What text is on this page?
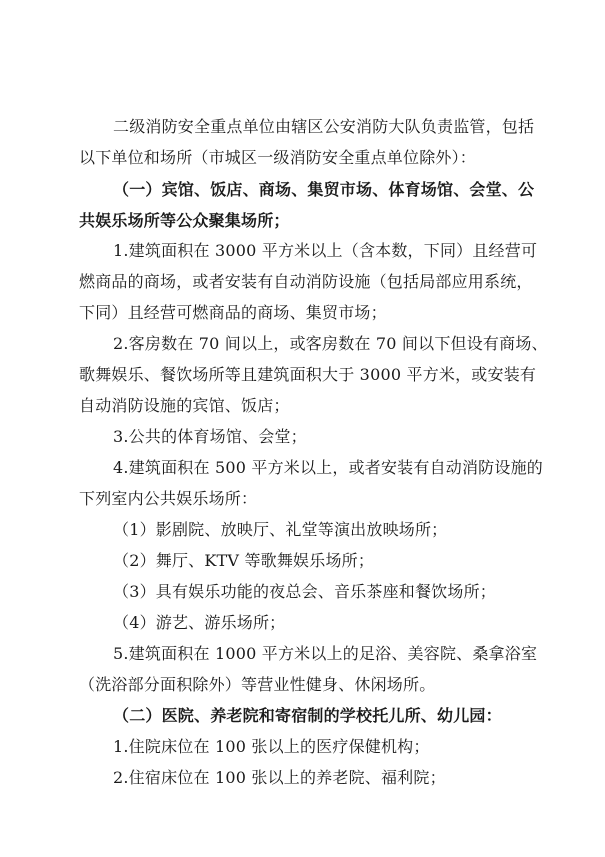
二级消防安全重点单位由辖区公安消防大队负责监管，包括
以下单位和场所（市城区一级消防安全重点单位除外）：
（一）宾馆、饭店、商场、集贸市场、体育场馆、会堂、公
共娱乐场所等公众聚集场所；
1.建筑面积在 3000 平方米以上（含本数，下同）且经营可
燃商品的商场，或者安装有自动消防设施（包括局部应用系统，
下同）且经营可燃商品的商场、集贸市场；
2.客房数在 70 间以上，或客房数在 70 间以下但设有商场、
歌舞娱乐、餐饮场所等且建筑面积大于 3000 平方米，或安装有
自动消防设施的宾馆、饭店；
3.公共的体育场馆、会堂；
4.建筑面积在 500 平方米以上，或者安装有自动消防设施的
下列室内公共娱乐场所：
（1）影剧院、放映厅、礼堂等演出放映场所；
（2）舞厅、KTV 等歌舞娱乐场所；
（3）具有娱乐功能的夜总会、音乐茶座和餐饮场所；
（4）游艺、游乐场所；
5.建筑面积在 1000 平方米以上的足浴、美容院、桑拿浴室
（洗浴部分面积除外）等营业性健身、休闲场所。
（二）医院、养老院和寄宿制的学校托儿所、幼儿园：
1.住院床位在 100 张以上的医疗保健机构；
2.住宿床位在 100 张以上的养老院、福利院；
